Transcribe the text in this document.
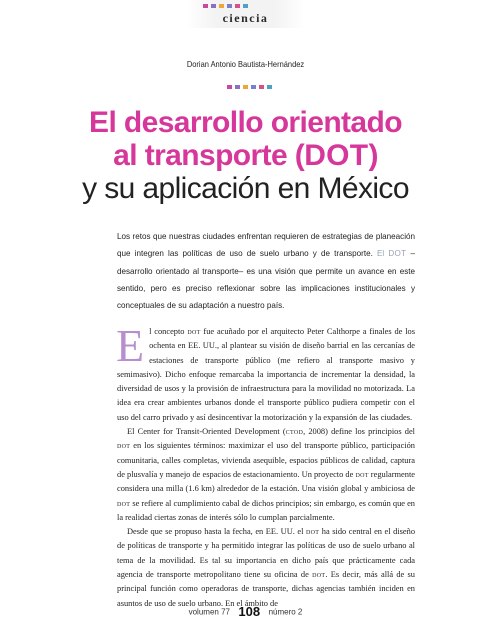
ciencia
Dorian Antonio Bautista-Hernández
El desarrollo orientado
al transporte (DOT)
y su aplicación en México
Los retos que nuestras ciudades enfrentan requieren de estrategias de planeación que integren las políticas de uso de suelo urbano y de transporte. El DOT –desarrollo orientado al transporte– es una visión que permite un avance en este sentido, pero es preciso reflexionar sobre las implicaciones institucionales y conceptuales de su adaptación a nuestro país.

El concepto dot fue acuñado por el arquitecto Peter Calthorpe a finales de los ochenta en EE. UU., al plantear su visión de diseño barrial en las cercanías de estaciones de transporte público (me refiero al transporte masivo y semimasivo). Dicho enfoque remarcaba la importancia de incrementar la densidad, la diversidad de usos y la provisión de infraestructura para la movilidad no motorizada. La idea era crear ambientes urbanos donde el transporte público pudiera competir con el uso del carro privado y así desincentivar la motorización y la expansión de las ciudades.

El Center for Transit-Oriented Development (ctod, 2008) define los principios del dot en los siguientes términos: maximizar el uso del transporte público, participación comunitaria, calles completas, vivienda asequible, espacios públicos de calidad, captura de plusvalía y manejo de espacios de estacionamiento. Un proyecto de dot regularmente considera una milla (1.6 km) alrededor de la estación. Una visión global y ambiciosa de dot se refiere al cumplimiento cabal de dichos principios; sin embargo, es común que en la realidad ciertas zonas de interés sólo lo cumplan parcialmente.

Desde que se propuso hasta la fecha, en EE. UU. el dot ha sido central en el diseño de políticas de transporte y ha permitido integrar las políticas de uso de suelo urbano al tema de la movilidad. Es tal su importancia en dicho país que prácticamente cada agencia de transporte metropolitano tiene su oficina de dot. Es decir, más allá de su principal función como operadoras de transporte, dichas agencias también inciden en asuntos de uso de suelo urbano. En el ámbito de

volumen 77 108 número 2
